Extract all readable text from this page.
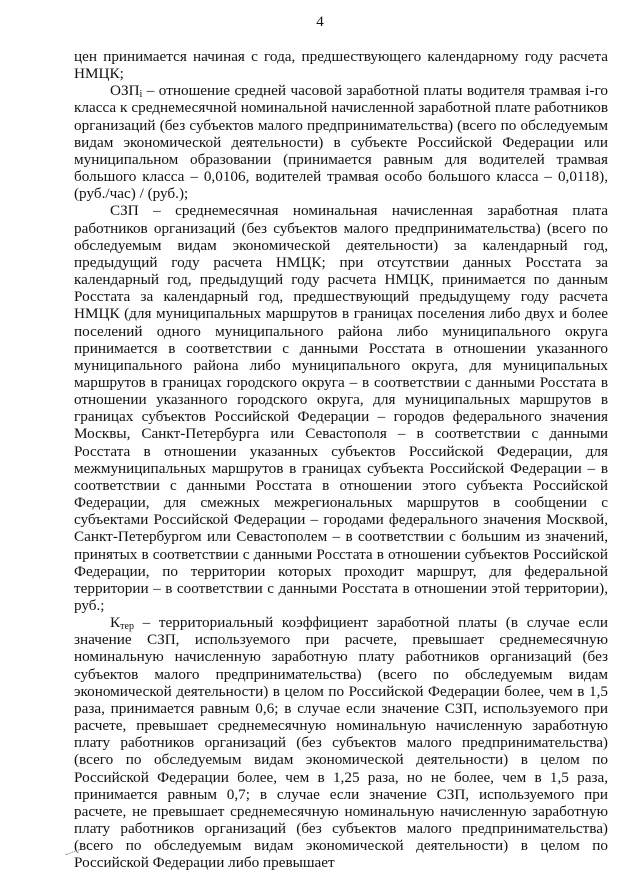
4

цен принимается начиная с года, предшествующего календарному году расчета НМЦК;

$ОЗП_i$ – отношение средней часовой заработной платы водителя трамвая i-го класса к среднемесячной номинальной начисленной заработной плате работников организаций (без субъектов малого предпринимательства) (всего по обследуемым видам экономической деятельности) в субъекте Российской Федерации или муниципальном образовании (принимается равным для водителей трамвая большого класса – 0,0106, водителей трамвая особо большого класса – 0,0118), (руб./час) / (руб.);

СЗП – среднемесячная номинальная начисленная заработная плата работников организаций (без субъектов малого предпринимательства) (всего по обследуемым видам экономической деятельности) за календарный год, предыдущий году расчета НМЦК; при отсутствии данных Росстата за календарный год, предыдущий году расчета НМЦК, принимается по данным Росстата за календарный год, предшествующий предыдущему году расчета НМЦК (для муниципальных маршрутов в границах поселения либо двух и более поселений одного муниципального района либо муниципального округа принимается в соответствии с данными Росстата в отношении указанного муниципального района либо муниципального округа, для муниципальных маршрутов в границах городского округа – в соответствии с данными Росстата в отношении указанного городского округа, для муниципальных маршрутов в границах субъектов Российской Федерации – городов федерального значения Москвы, Санкт-Петербурга или Севастополя – в соответствии с данными Росстата в отношении указанных субъектов Российской Федерации, для межмуниципальных маршрутов в границах субъекта Российской Федерации – в соответствии с данными Росстата в отношении этого субъекта Российской Федерации, для смежных межрегиональных маршрутов в сообщении с субъектами Российской Федерации – городами федерального значения Москвой, Санкт-Петербургом или Севастополем – в соответствии с большим из значений, принятых в соответствии с данными Росстата в отношении субъектов Российской Федерации, по территории которых проходит маршрут, для федеральной территории – в соответствии с данными Росстата в отношении этой территории), руб.;

$К_{тер}$ – территориальный коэффициент заработной платы (в случае если значение СЗП, используемого при расчете, превышает среднемесячную номинальную начисленную заработную плату работников организаций (без субъектов малого предпринимательства) (всего по обследуемым видам экономической деятельности) в целом по Российской Федерации более, чем в 1,5 раза, принимается равным 0,6; в случае если значение СЗП, используемого при расчете, превышает среднемесячную номинальную начисленную заработную плату работников организаций (без субъектов малого предпринимательства) (всего по обследуемым видам экономической деятельности) в целом по Российской Федерации более, чем в 1,25 раза, но не более, чем в 1,5 раза, принимается равным 0,7; в случае если значение СЗП, используемого при расчете, не превышает среднемесячную номинальную начисленную заработную плату работников организаций (без субъектов малого предпринимательства) (всего по обследуемым видам экономической деятельности) в целом по Российской Федерации либо превышает
